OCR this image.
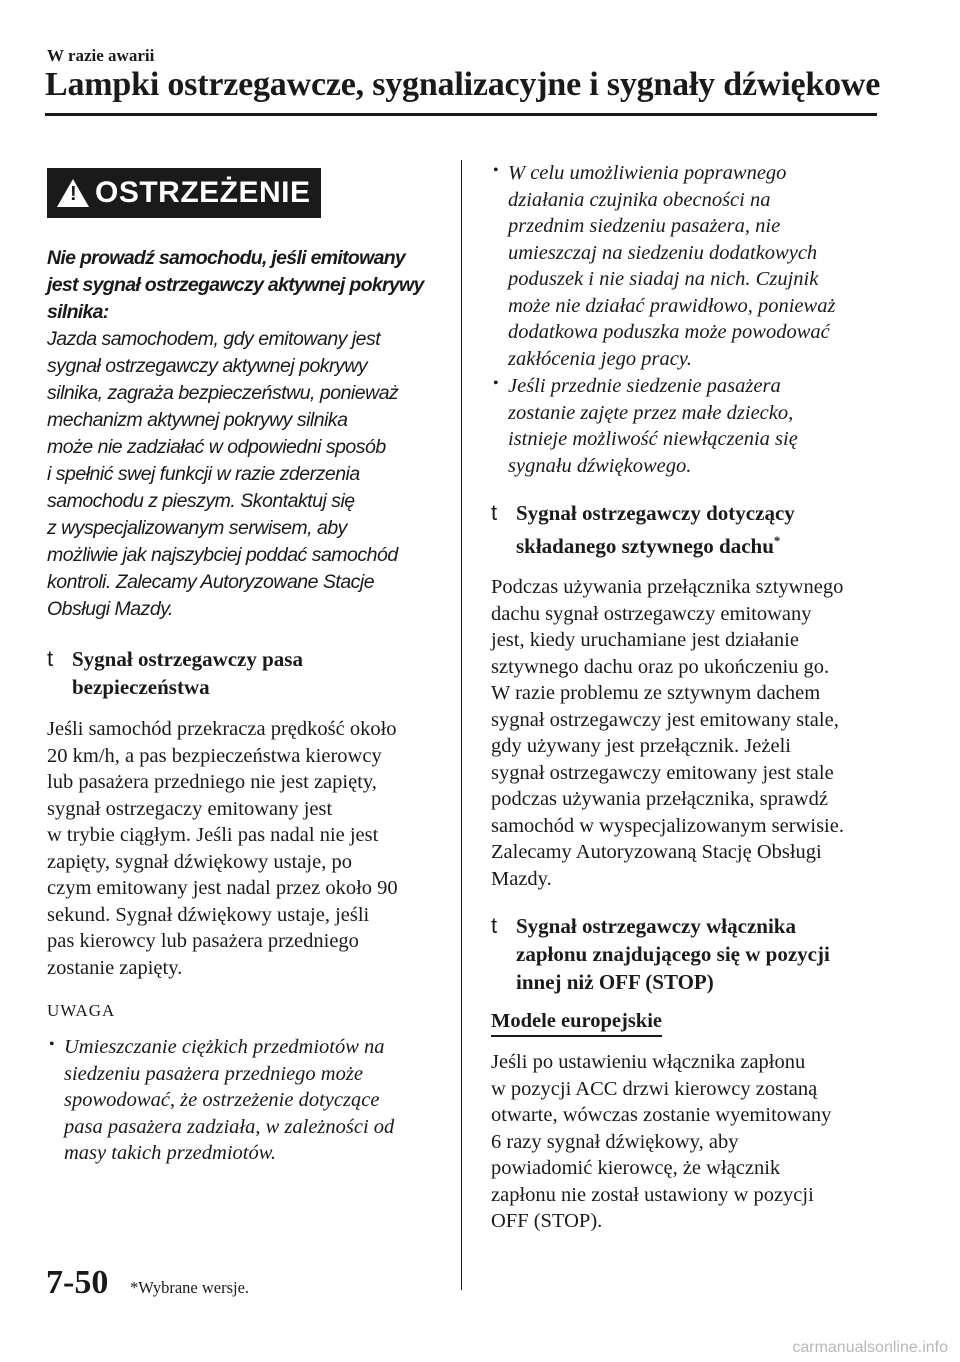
W razie awarii
Lampki ostrzegawcze, sygnalizacyjne i sygnały dźwiękowe
! OSTRZEŻENIE
Nie prowadź samochodu, jeśli emitowany
jest sygnał ostrzegawczy aktywnej pokrywy
silnika:
Jazda samochodem, gdy emitowany jest
sygnał ostrzegawczy aktywnej pokrywy
silnika, zagraża bezpieczeństwu, ponieważ
mechanizm aktywnej pokrywy silnika
może nie zadziałać w odpowiedni sposób
i spełnić swej funkcji w razie zderzenia
samochodu z pieszym. Skontaktuj się
z wyspecjalizowanym serwisem, aby
możliwie jak najszybciej poddać samochód
kontroli. Zalecamy Autoryzowane Stacje
Obsługi Mazdy.
t Sygnał ostrzegawczy pasa
bezpieczeństwa
Jeśli samochód przekracza prędkość około
20 km/h, a pas bezpieczeństwa kierowcy
lub pasażera przedniego nie jest zapięty,
sygnał ostrzegaczy emitowany jest
w trybie ciągłym. Jeśli pas nadal nie jest
zapięty, sygnał dźwiękowy ustaje, po
czym emitowany jest nadal przez około 90
sekund. Sygnał dźwiękowy ustaje, jeśli
pas kierowcy lub pasażera przedniego
zostanie zapięty.
UWAGA
• Umieszczanie ciężkich przedmiotów na
siedzeniu pasażera przedniego może
spowodować, że ostrzeżenie dotyczące
pasa pasażera zadziała, w zależności od
masy takich przedmiotów.
• W celu umożliwienia poprawnego
działania czujnika obecności na
przednim siedzeniu pasażera, nie
umieszczaj na siedzeniu dodatkowych
poduszek i nie siadaj na nich. Czujnik
może nie działać prawidłowo, ponieważ
dodatkowa poduszka może powodować
zakłócenia jego pracy.
• Jeśli przednie siedzenie pasażera
zostanie zajęte przez małe dziecko,
istnieje możliwość niewłączenia się
sygnału dźwiękowego.
t Sygnał ostrzegawczy dotyczący
składanego sztywnego dachu*
Podczas używania przełącznika sztywnego
dachu sygnał ostrzegawczy emitowany
jest, kiedy uruchamiane jest działanie
sztywnego dachu oraz po ukończeniu go.
W razie problemu ze sztywnym dachem
sygnał ostrzegawczy jest emitowany stale,
gdy używany jest przełącznik. Jeżeli
sygnał ostrzegawczy emitowany jest stale
podczas używania przełącznika, sprawdź
samochód w wyspecjalizowanym serwisie.
Zalecamy Autoryzowaną Stację Obsługi
Mazdy.
t Sygnał ostrzegawczy włącznika
zapłonu znajdującego się w pozycji
innej niż OFF (STOP)
Modele europejskie
Jeśli po ustawieniu włącznika zapłonu
w pozycji ACC drzwi kierowcy zostaną
otwarte, wówczas zostanie wyemitowany
6 razy sygnał dźwiękowy, aby
powiadomić kierowcę, że włącznik
zapłonu nie został ustawiony w pozycji
OFF (STOP).
7-50 *Wybrane wersje.
carmanualsonline.info
